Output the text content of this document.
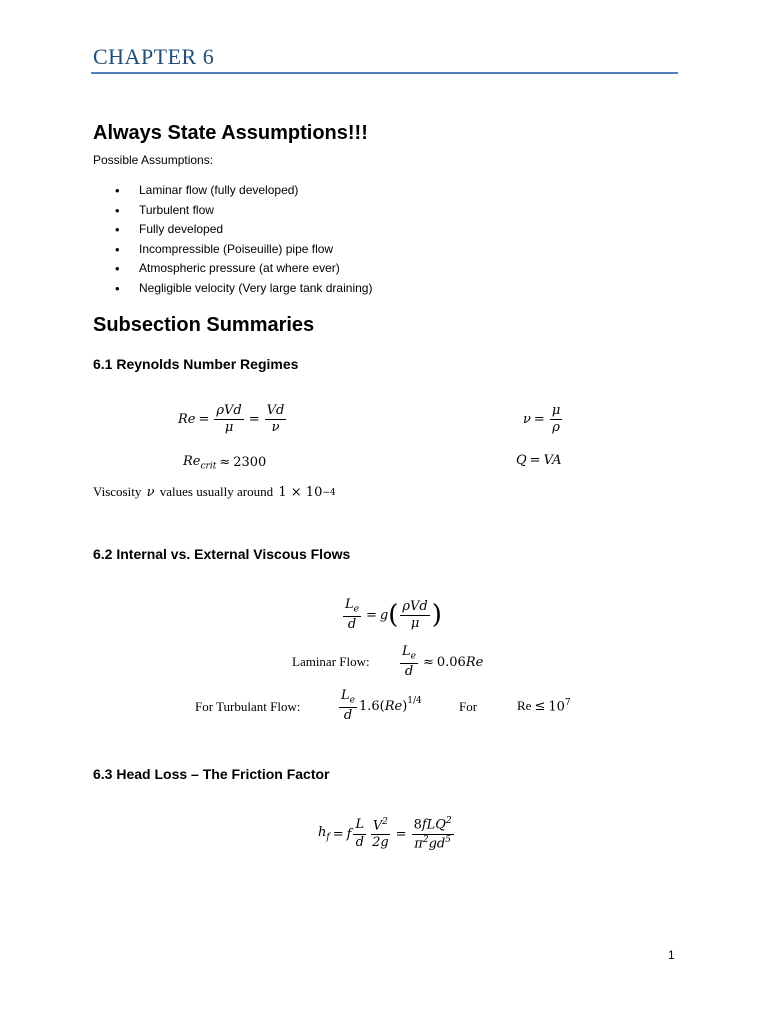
CHAPTER 6
Always State Assumptions!!!
Possible Assumptions:
• Laminar flow (fully developed)
• Turbulent flow
• Fully developed
• Incompressible (Poiseuille) pipe flow
• Atmospheric pressure (at where ever)
• Negligible velocity (Very large tank draining)
Subsection Summaries
6.1 Reynolds Number Regimes
$Re = \frac{\text{ρVd}}{\mu} = \frac{Vd}{\nu}$	$\nu = \frac{\mu}{\rho}$
$Re_{crit} \approx 2300$	Q = VA
Viscosity ν values usually around 1 × 10 −4
6.2 Internal vs. External Viscous Flows
$\frac{L_e}{d} = g$ ( $\frac{\text{ρVd}}{\mu}$ )
Laminar Flow: $\frac{L_e}{d} \approx 0.06$ Re
For Turbulant Flow:	$\frac{L_e}{d} 1.6$ ( Re )$^{1/4}$	For	$Re \le 10^7$
6.3 Head Loss – The Friction Factor
$h_f = f \frac{L}{d} \frac{V^2}{2g} = \frac{8fLQ^2}{\pi^2gd^5}$
1
